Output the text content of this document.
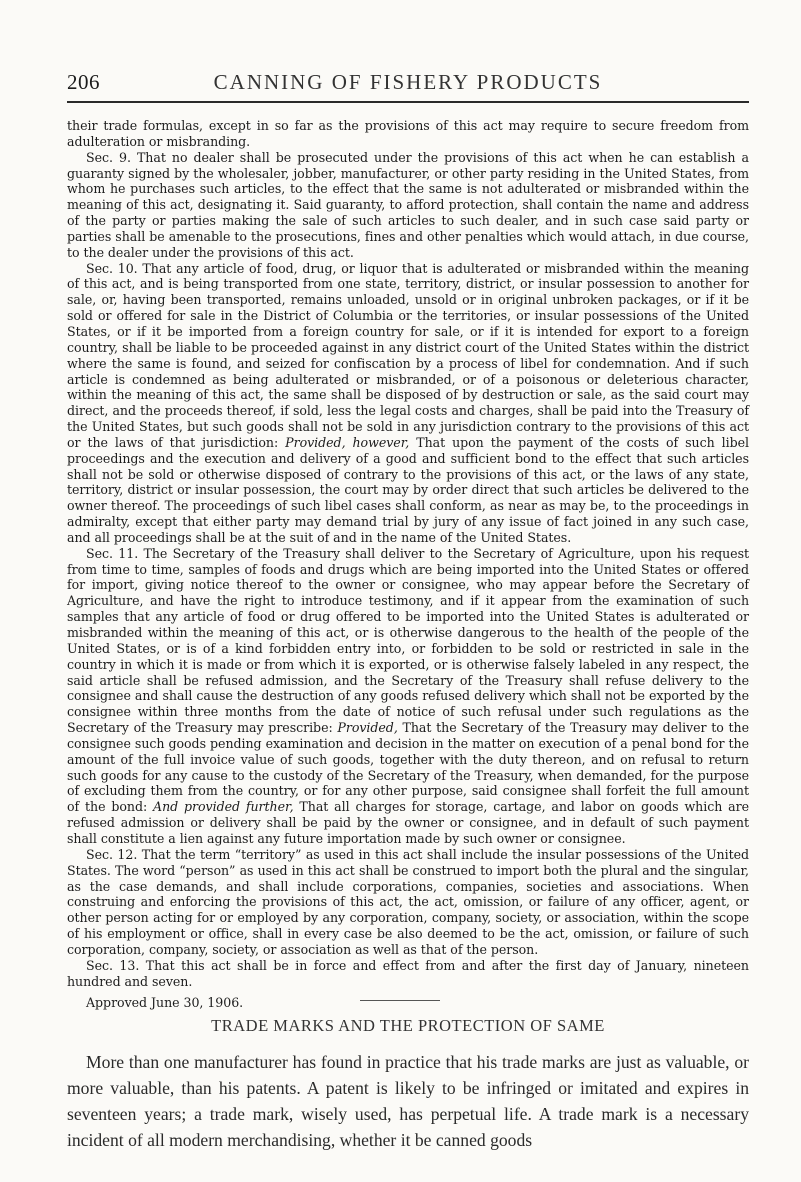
206	CANNING OF FISHERY PRODUCTS

their trade formulas, except in so far as the provisions of this act may require to secure freedom from adulteration or misbranding.

Sec. 9. That no dealer shall be prosecuted under the provisions of this act when he can establish a guaranty signed by the wholesaler, jobber, manufacturer, or other party residing in the United States, from whom he purchases such articles, to the effect that the same is not adulterated or misbranded within the meaning of this act, designating it. Said guaranty, to afford protection, shall contain the name and address of the party or parties making the sale of such articles to such dealer, and in such case said party or parties shall be amenable to the prosecutions, fines and other penalties which would attach, in due course, to the dealer under the provisions of this act.

Sec. 10. That any article of food, drug, or liquor that is adulterated or misbranded within the meaning of this act, and is being transported from one state, territory, district, or insular possession to another for sale, or, having been transported, remains unloaded, unsold or in original unbroken packages, or if it be sold or offered for sale in the District of Columbia or the territories, or insular possessions of the United States, or if it be imported from a foreign country for sale, or if it is intended for export to a foreign country, shall be liable to be proceeded against in any district court of the United States within the district where the same is found, and seized for confiscation by a process of libel for condemnation. And if such article is condemned as being adulterated or misbranded, or of a poisonous or deleterious character, within the meaning of this act, the same shall be disposed of by destruction or sale, as the said court may direct, and the proceeds thereof, if sold, less the legal costs and charges, shall be paid into the Treasury of the United States, but such goods shall not be sold in any jurisdiction contrary to the provisions of this act or the laws of that jurisdiction: Provided, however, That upon the payment of the costs of such libel proceedings and the execution and delivery of a good and sufficient bond to the effect that such articles shall not be sold or otherwise disposed of contrary to the provisions of this act, or the laws of any state, territory, district or insular possession, the court may by order direct that such articles be delivered to the owner thereof. The proceedings of such libel cases shall conform, as near as may be, to the proceedings in admiralty, except that either party may demand trial by jury of any issue of fact joined in any such case, and all proceedings shall be at the suit of and in the name of the United States.

Sec. 11. The Secretary of the Treasury shall deliver to the Secretary of Agriculture, upon his request from time to time, samples of foods and drugs which are being imported into the United States or offered for import, giving notice thereof to the owner or consignee, who may appear before the Secretary of Agriculture, and have the right to introduce testimony, and if it appear from the examination of such samples that any article of food or drug offered to be imported into the United States is adulterated or misbranded within the meaning of this act, or is otherwise dangerous to the health of the people of the United States, or is of a kind forbidden entry into, or forbidden to be sold or restricted in sale in the country in which it is made or from which it is exported, or is otherwise falsely labeled in any respect, the said article shall be refused admission, and the Secretary of the Treasury shall refuse delivery to the consignee and shall cause the destruction of any goods refused delivery which shall not be exported by the consignee within three months from the date of notice of such refusal under such regulations as the Secretary of the Treasury may prescribe: Provided, That the Secretary of the Treasury may deliver to the consignee such goods pending examination and decision in the matter on execution of a penal bond for the amount of the full invoice value of such goods, together with the duty thereon, and on refusal to return such goods for any cause to the custody of the Secretary of the Treasury, when demanded, for the purpose of excluding them from the country, or for any other purpose, said consignee shall forfeit the full amount of the bond: And provided further, That all charges for storage, cartage, and labor on goods which are refused admission or delivery shall be paid by the owner or consignee, and in default of such payment shall constitute a lien against any future importation made by such owner or consignee.

Sec. 12. That the term “territory” as used in this act shall include the insular possessions of the United States. The word “person” as used in this act shall be construed to import both the plural and the singular, as the case demands, and shall include corporations, companies, societies and associations. When construing and enforcing the provisions of this act, the act, omission, or failure of any officer, agent, or other person acting for or employed by any corporation, company, society, or association, within the scope of his employment or office, shall in every case be also deemed to be the act, omission, or failure of such corporation, company, society, or association as well as that of the person.

Sec. 13. That this act shall be in force and effect from and after the first day of January, nineteen hundred and seven.

Approved June 30, 1906.

TRADE MARKS AND THE PROTECTION OF SAME

More than one manufacturer has found in practice that his trade marks are just as valuable, or more valuable, than his patents. A patent is likely to be infringed or imitated and expires in seventeen years; a trade mark, wisely used, has perpetual life. A trade mark is a necessary incident of all modern merchandising, whether it be canned goods
